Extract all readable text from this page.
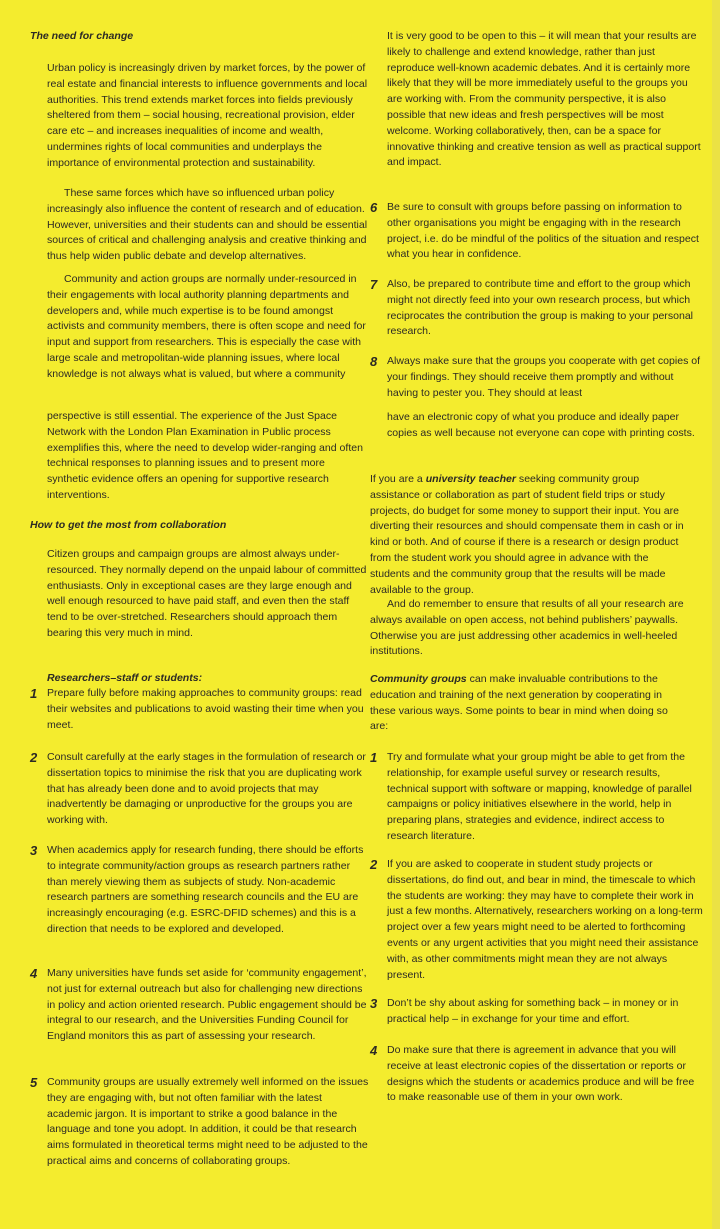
The need for change

Urban policy is increasingly driven by market forces, by the power of real estate and financial interests to influence governments and local authorities. This trend extends market forces into fields previously sheltered from them – social housing, recreational provision, elder care etc – and increases inequalities of income and wealth, undermines rights of local communities and underplays the importance of environmental protection and sustainability.

These same forces which have so influenced urban policy increasingly also influence the content of research and of education. However, universities and their students can and should be essential sources of critical and challenging analysis and creative thinking and thus help widen public debate and develop alternatives.

Community and action groups are normally under-resourced in their engagements with local authority planning departments and developers and, while much expertise is to be found amongst activists and community members, there is often scope and need for input and support from researchers. This is especially the case with large scale and metropolitan-wide planning issues, where local knowledge is not always what is valued, but where a community

perspective is still essential. The experience of the Just Space Network with the London Plan Examination in Public process exemplifies this, where the need to develop wider-ranging and often technical responses to planning issues and to present more synthetic evidence offers an opening for supportive research interventions.

How to get the most from collaboration

Citizen groups and campaign groups are almost always under-resourced. They normally depend on the unpaid labour of committed enthusiasts. Only in exceptional cases are they large enough and well enough resourced to have paid staff, and even then the staff tend to be over-stretched. Researchers should approach them bearing this very much in mind.

Researchers–staff or students:

1 Prepare fully before making approaches to community groups: read their websites and publications to avoid wasting their time when you meet.

2 Consult carefully at the early stages in the formulation of research or dissertation topics to minimise the risk that you are duplicating work that has already been done and to avoid projects that may inadvertently be damaging or unproductive for the groups you are working with.

3 When academics apply for research funding, there should be efforts to integrate community/action groups as research partners rather than merely viewing them as subjects of study. Non-academic research partners are something research councils and the EU are increasingly encouraging (e.g. ESRC-DFID schemes) and this is a direction that needs to be explored and developed.

4 Many universities have funds set aside for ‘community engagement’, not just for external outreach but also for challenging new directions in policy and action oriented research. Public engagement should be integral to our research, and the Universities Funding Council for England monitors this as part of assessing your research.

5 Community groups are usually extremely well informed on the issues they are engaging with, but not often familiar with the latest academic jargon. It is important to strike a good balance in the language and tone you adopt. In addition, it could be that research aims formulated in theoretical terms might need to be adjusted to the practical aims and concerns of collaborating groups.

It is very good to be open to this – it will mean that your results are likely to challenge and extend knowledge, rather than just reproduce well-known academic debates. And it is certainly more likely that they will be more immediately useful to the groups you are working with. From the community perspective, it is also possible that new ideas and fresh perspectives will be most welcome. Working collaboratively, then, can be a space for innovative thinking and creative tension as well as practical support and impact.

6 Be sure to consult with groups before passing on information to other organisations you might be engaging with in the research project, i.e. do be mindful of the politics of the situation and respect what you hear in confidence.

7 Also, be prepared to contribute time and effort to the group which might not directly feed into your own research process, but which reciprocates the contribution the group is making to your personal research.

8 Always make sure that the groups you cooperate with get copies of your findings. They should receive them promptly and without having to pester you. They should at least

have an electronic copy of what you produce and ideally paper copies as well because not everyone can cope with printing costs.

If you are a university teacher seeking community group assistance or collaboration as part of student field trips or study projects, do budget for some money to support their input. You are diverting their resources and should compensate them in cash or in kind or both. And of course if there is a research or design product from the student work you should agree in advance with the students and the community group that the results will be made available to the group.

And do remember to ensure that results of all your research are always available on open access, not behind publishers’ paywalls. Otherwise you are just addressing other academics in well-heeled institutions.

Community groups can make invaluable contributions to the education and training of the next generation by cooperating in these various ways. Some points to bear in mind when doing so are:

1 Try and formulate what your group might be able to get from the relationship, for example useful survey or research results, technical support with software or mapping, knowledge of parallel campaigns or policy initiatives elsewhere in the world, help in preparing plans, strategies and evidence, indirect access to research literature.

2 If you are asked to cooperate in student study projects or dissertations, do find out, and bear in mind, the timescale to which the students are working: they may have to complete their work in just a few months. Alternatively, researchers working on a long-term project over a few years might need to be alerted to forthcoming events or any urgent activities that you might need their assistance with, as other commitments might mean they are not always present.

3 Don’t be shy about asking for something back – in money or in practical help – in exchange for your time and effort.

4 Do make sure that there is agreement in advance that you will receive at least electronic copies of the dissertation or reports or designs which the students or academics produce and will be free to make reasonable use of them in your own work.
